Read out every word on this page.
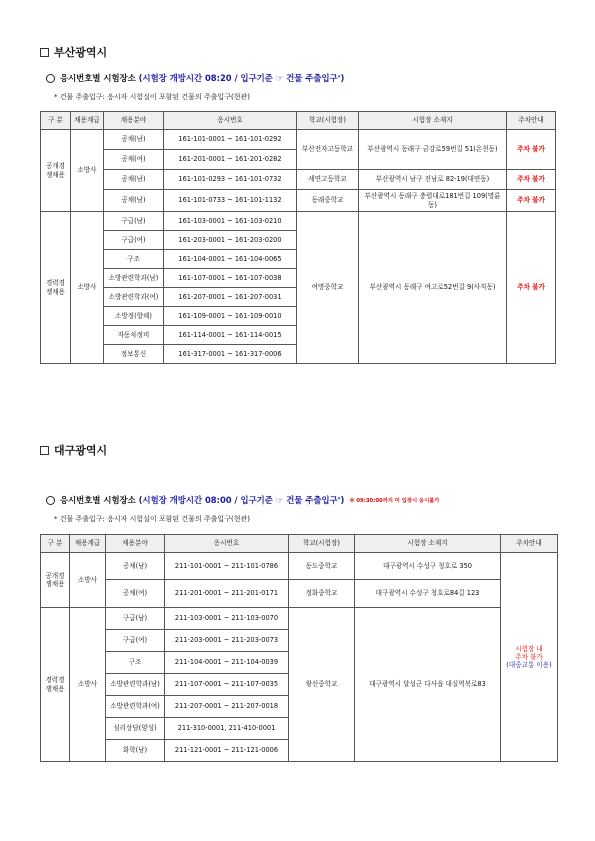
부산광역시
응시번호별 시험장소
(시험장 개방시간 08:20 / 입구기준 ☞ 건물 주출입구 * )
* 건물 주출입구: 응시자 시험실이 포함된 건물의 주출입구(현관)
구 분	채용계급	채용분야	응시번호	학교(시험장)	시험장 소재지	주차안내
공개경쟁채용	소방사	공채(남)	161-101-0001 ~ 161-101-0292	부산전자고등학교	부산광역시 동래구 금강로59번길 51(온천동)	주차 불가
		공채(여)	161-201-0001 ~ 161-201-0282			
		공채(남)	161-101-0293 ~ 161-101-0732	세연고등학교	부산광역시 남구 진남로 82-19(대연동)	주차 불가
		공채(남)	161-101-0733 ~ 161-101-1132	동래중학교	부산광역시 동래구 충렬대로181번길 109(명륜동)	주차 불가
경력경쟁채용	소방사	구급(남)	161-103-0001 ~ 161-103-0210	여명중학교	부산광역시 동래구 여고로52번길 9(사직동)	주차 불가
		구급(여)	161-203-0001 ~ 161-203-0200			
		구조	161-104-0001 ~ 161-104-0065			
		소방관련학과(남)	161-107-0001 ~ 161-107-0038			
		소방관련학과(여)	161-207-0001 ~ 161-207-0031			
		소방정(항해)	161-109-0001 ~ 161-109-0010			
		자동차정비	161-114-0001 ~ 161-114-0015			
		정보통신	161-317-0001 ~ 161-317-0006			
대구광역시
응시번호별 시험장소
(시험장 개방시간 08:00 / 입구기준 ☞ 건물 주출입구 * ) ※ 09:30:00까지 미 입장시 응시불가
* 건물 주출입구: 응시자 시험실이 포함된 건물의 주출입구(현관)
구 분	채용계급	채용분야	응시번호	학교(시험장)	시험장 소재지	주차안내
공개경쟁채용	소방사	공채(남)	211-101-0001 ~ 211-101-0786	동도중학교	대구광역시 수성구 청호로 350	시험장 내
주차 불가
(대중교통 이용)

		공채(여)	211-201-0001 ~ 211-201-0171	정화중학교	대구광역시 수성구 청호로84길 123	
경력경쟁채용	소방사	구급(남)	211-103-0001 ~ 211-103-0070	왕선중학교	대구광역시 달성군 다사읍 대실역북로83	
		구급(여)	211-203-0001 ~ 211-203-0073			
		구조	211-104-0001 ~ 211-104-0039			
		소방관련학과(남)	211-107-0001 ~ 211-107-0035			
		소방관련학과(여)	211-207-0001 ~ 211-207-0018			
		심리상담(양성)	211-310-0001, 211-410-0001			
		화학(남)	211-121-0001 ~ 211-121-0006			
